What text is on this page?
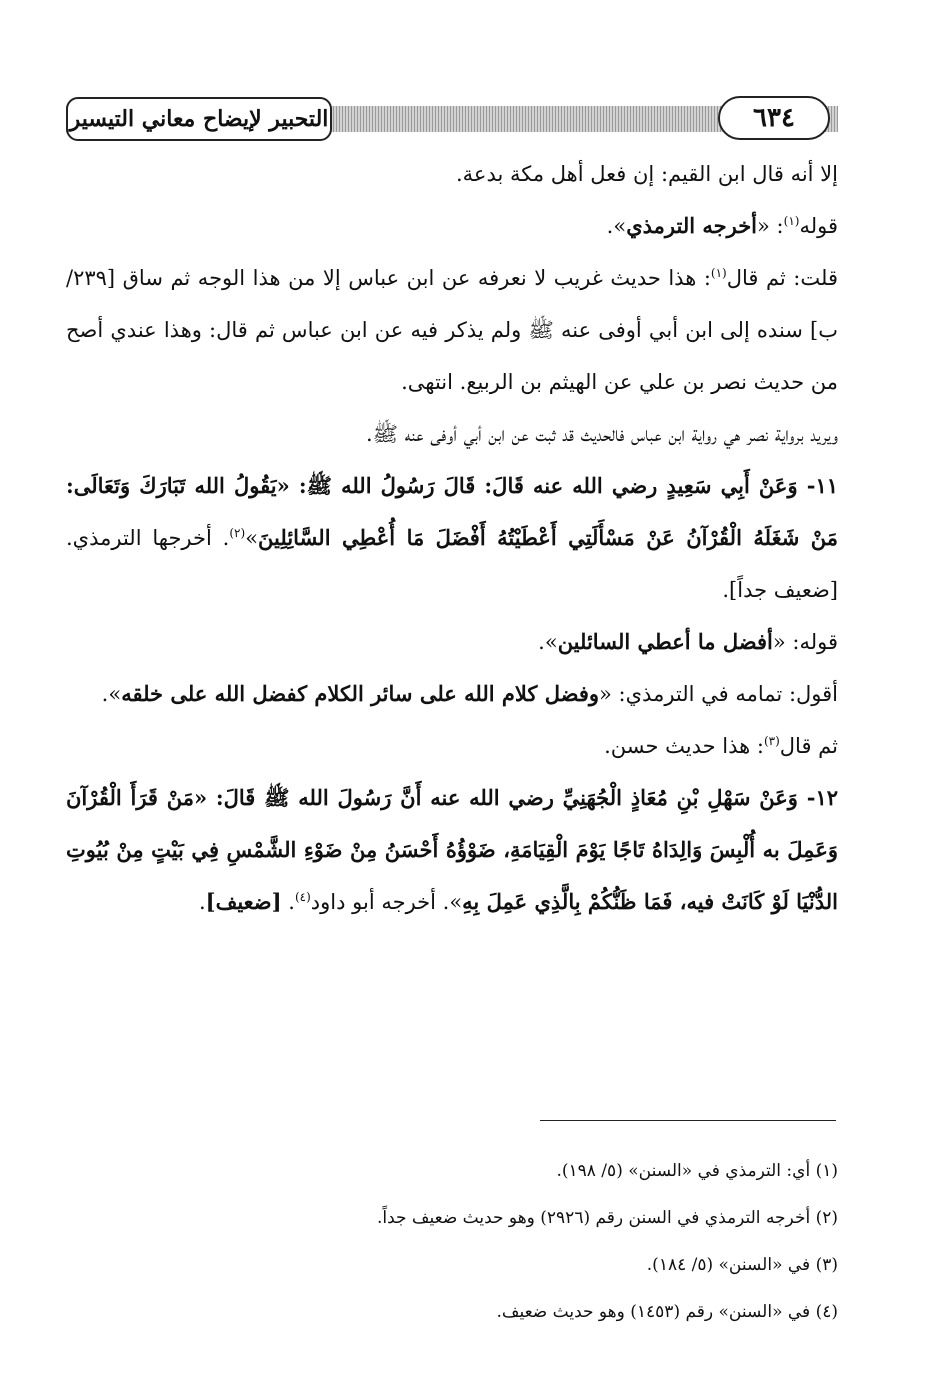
التحبير لإيضاح معاني التيسير	٦٣٤

إلا أنه قال ابن القيم: إن فعل أهل مكة بدعة.

قوله$^{(١)}$: «أخرجه الترمذي».

قلت: ثم قال$^{(١)}$: هذا حديث غريب لا نعرفه عن ابن عباس إلا من هذا الوجه ثم ساق [٢٣٩/ ب] سنده إلى ابن أبي أوفى عنه ﷺ ولم يذكر فيه عن ابن عباس ثم قال: وهذا عندي أصح من حديث نصر بن علي عن الهيثم بن الربيع. انتهى.

ويريد برواية نصر هي رواية ابن عباس فالحديث قد ثبت عن ابن أبي أوفى عنه ﷺ.

١١- وَعَنْ أَبِي سَعِيدٍ رضي الله عنه قَالَ: قَالَ رَسُولُ الله ﷺ: «يَقُولُ الله تَبَارَكَ وَتَعَالَى: مَنْ شَغَلَهُ الْقُرْآنُ عَنْ مَسْأَلَتِي أَعْطَيْتُهُ أَفْضَلَ مَا أُعْطِي السَّائِلِينَ»$^{(٢)}$. أخرجها الترمذي. [ضعيف جداً].

قوله: «أفضل ما أعطي السائلين».

أقول: تمامه في الترمذي: «وفضل كلام الله على سائر الكلام كفضل الله على خلقه».

ثم قال$^{(٣)}$: هذا حديث حسن.

١٢- وَعَنْ سَهْلِ بْنِ مُعَاذٍ الْجُهَنِيِّ رضي الله عنه أَنَّ رَسُولَ الله ﷺ قَالَ: «مَنْ قَرَأَ الْقُرْآنَ وَعَمِلَ به أُلْبِسَ وَالِدَاهُ تَاجًا يَوْمَ الْقِيَامَةِ، ضَوْؤُهُ أَحْسَنُ مِنْ ضَوْءِ الشَّمْسِ فِي بَيْتٍ مِنْ بُيُوتِ الدُّنْيَا لَوْ كَانَتْ فيه، فَمَا ظَنُّكُمْ بِالَّذِي عَمِلَ بِهِ». أخرجه أبو داود$^{(٤)}$. [ضعيف].

(١) أي: الترمذي في «السنن» (٥/ ١٩٨).

(٢) أخرجه الترمذي في السنن رقم (٢٩٢٦) وهو حديث ضعيف جداً.

(٣) في «السنن» (٥/ ١٨٤).

(٤) في «السنن» رقم (١٤٥٣) وهو حديث ضعيف.
